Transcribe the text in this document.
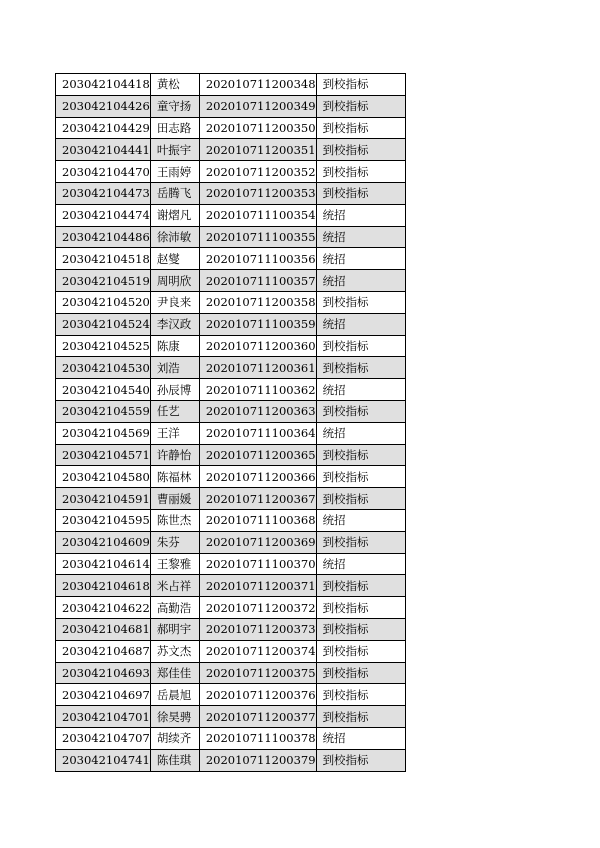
203042104418	黄松	202010711200348	到校指标
203042104426	童守扬	202010711200349	到校指标
203042104429	田志路	202010711200350	到校指标
203042104441	叶振宇	202010711200351	到校指标
203042104470	王雨婷	202010711200352	到校指标
203042104473	岳腾飞	202010711200353	到校指标
203042104474	谢熠凡	202010711100354	统招
203042104486	徐沛敏	202010711100355	统招
203042104518	赵燮	202010711100356	统招
203042104519	周明欣	202010711100357	统招
203042104520	尹良来	202010711200358	到校指标
203042104524	李汉政	202010711100359	统招
203042104525	陈康	202010711200360	到校指标
203042104530	刘浩	202010711200361	到校指标
203042104540	孙辰博	202010711100362	统招
203042104559	任艺	202010711200363	到校指标
203042104569	王洋	202010711100364	统招
203042104571	许静怡	202010711200365	到校指标
203042104580	陈福林	202010711200366	到校指标
203042104591	曹丽媛	202010711200367	到校指标
203042104595	陈世杰	202010711100368	统招
203042104609	朱芬	202010711200369	到校指标
203042104614	王黎雅	202010711100370	统招
203042104618	米占祥	202010711200371	到校指标
203042104622	高勤浩	202010711200372	到校指标
203042104681	郝明宇	202010711200373	到校指标
203042104687	苏文杰	202010711200374	到校指标
203042104693	郑佳佳	202010711200375	到校指标
203042104697	岳晨旭	202010711200376	到校指标
203042104701	徐昊骋	202010711200377	到校指标
203042104707	胡续齐	202010711100378	统招
203042104741	陈佳琪	202010711200379	到校指标
